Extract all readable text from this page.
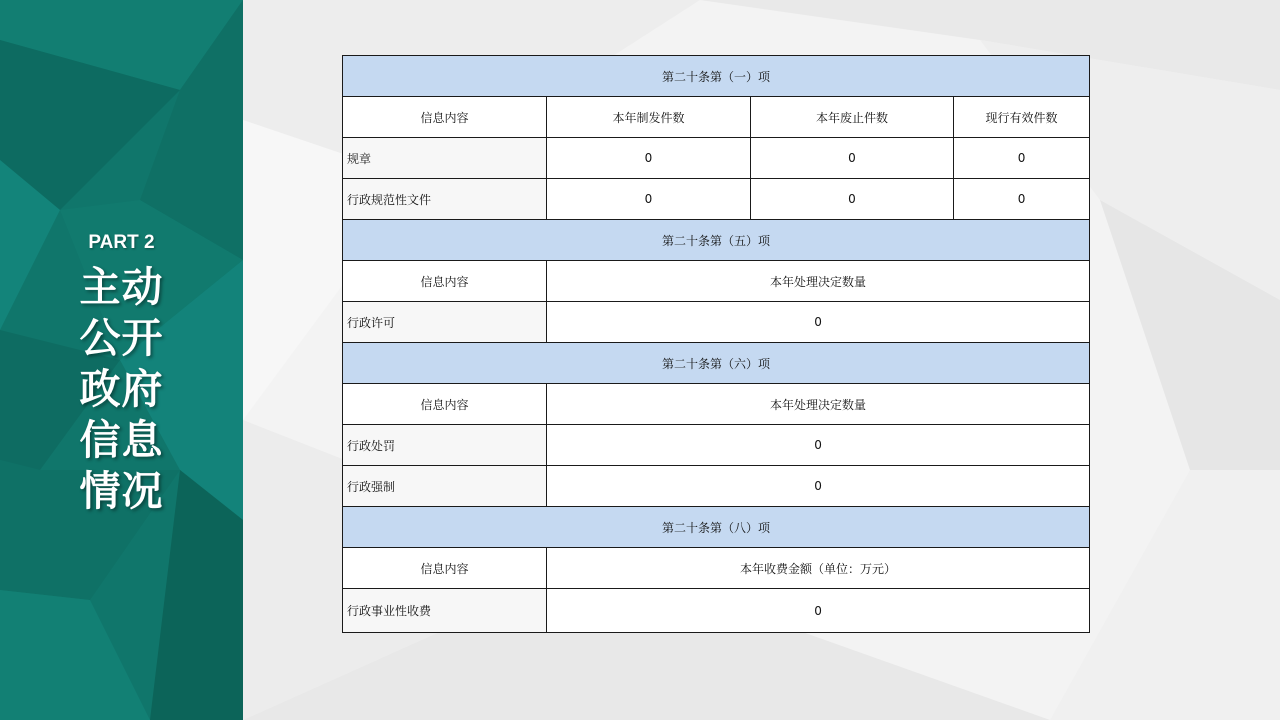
PART 2
主动
公开
政府
信息
情况
第二十条第（一）项			
信息内容	本年制发件数	本年废止件数	现行有效件数
规章	0	0	0
行政规范性文件	0	0	0
第二十条第（五）项			
信息内容	本年处理决定数量		
行政许可	0		
第二十条第（六）项			
信息内容	本年处理决定数量		
行政处罚	0		
行政强制	0		
第二十条第（八）项			
信息内容	本年收费金额（单位：万元）		
行政事业性收费	0		
